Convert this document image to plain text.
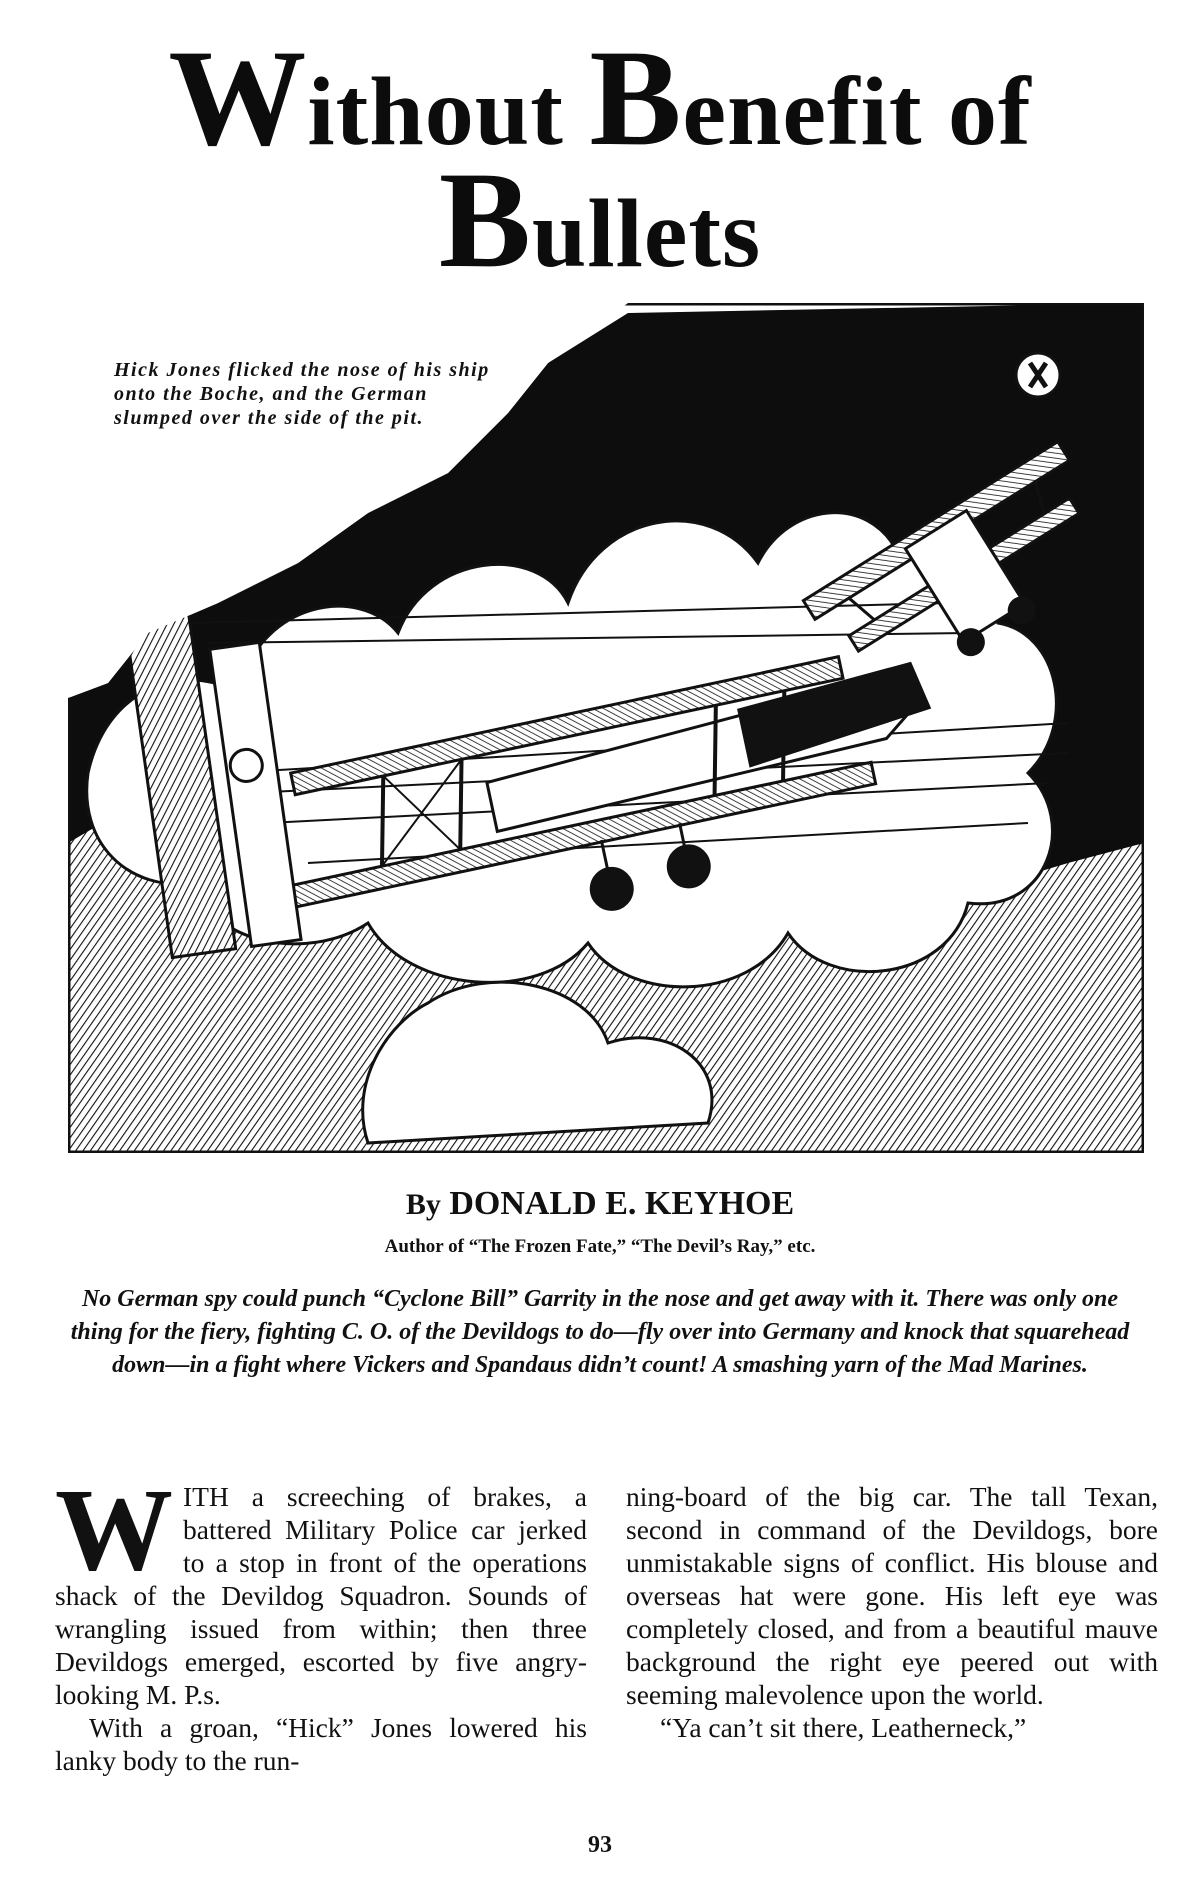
Without Benefit of
Bullets

Hick Jones flicked the nose of his ship onto the Boche, and the German slumped over the side of the pit.

By DONALD E. KEYHOE

Author of “The Frozen Fate,” “The Devil’s Ray,” etc.

No German spy could punch “Cyclone Bill” Garrity in the nose and get away with it. There was only one thing for the fiery, fighting C. O. of the Devildogs to do—fly over into Germany and knock that squarehead down—in a fight where Vickers and Spandaus didn’t count! A smashing yarn of the Mad Marines.

WITH a screeching of brakes, a battered Military Police car jerked to a stop in front of the operations shack of the Devildog Squadron. Sounds of wrangling issued from within; then three Devildogs emerged, escorted by five angry-looking M. P.s.

With a groan, “Hick” Jones lowered his lanky body to the run-

ning-board of the big car. The tall Texan, second in command of the Devildogs, bore unmistakable signs of conflict. His blouse and overseas hat were gone. His left eye was completely closed, and from a beautiful mauve background the right eye peered out with seeming malevolence upon the world.

“Ya can’t sit there, Leatherneck,”

93
